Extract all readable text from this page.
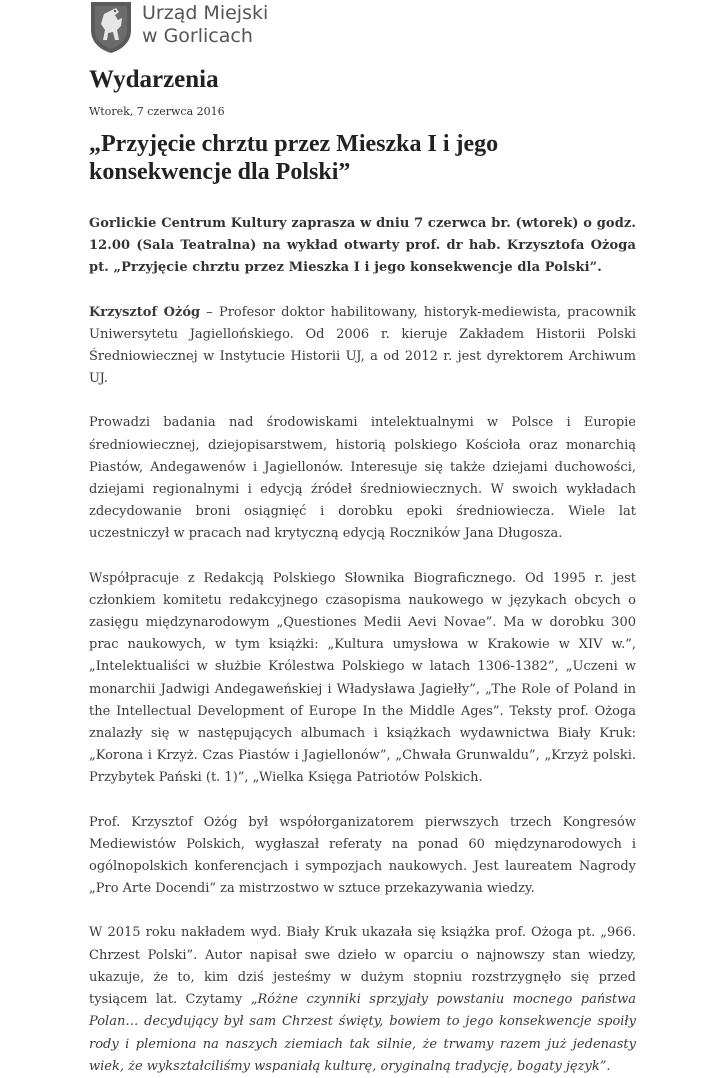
Urząd Miejski
w Gorlicach
Wydarzenia
Wtorek, 7 czerwca 2016
„Przyjęcie chrztu przez Mieszka I i jego konsekwencje dla Polski”

Gorlickie Centrum Kultury zaprasza w dniu 7 czerwca br. (wtorek) o godz. 12.00 (Sala Teatralna) na wykład otwarty prof. dr hab. Krzysztofa Ożoga pt. „Przyjęcie chrztu przez Mieszka I i jego konsekwencje dla Polski”.

Krzysztof Ożóg – Profesor doktor habilitowany, historyk-mediewista, pracownik Uniwersytetu Jagiellońskiego. Od 2006 r. kieruje Zakładem Historii Polski Średniowiecznej w Instytucie Historii UJ, a od 2012 r. jest dyrektorem Archiwum UJ.

Prowadzi badania nad środowiskami intelektualnymi w Polsce i Europie średniowiecznej, dziejopisarstwem, historią polskiego Kościoła oraz monarchią Piastów, Andegawenów i Jagiellonów. Interesuje się także dziejami duchowości, dziejami regionalnymi i edycją źródeł średniowiecznych. W swoich wykładach zdecydowanie broni osiągnięć i dorobku epoki średniowiecza. Wiele lat uczestniczył w pracach nad krytyczną edycją Roczników Jana Długosza.

Współpracuje z Redakcją Polskiego Słownika Biograficznego. Od 1995 r. jest członkiem komitetu redakcyjnego czasopisma naukowego w językach obcych o zasięgu międzynarodowym „Questiones Medii Aevi Novae”. Ma w dorobku 300 prac naukowych, w tym książki: „Kultura umysłowa w Krakowie w XIV w.”, „Intelektualiści w służbie Królestwa Polskiego w latach 1306-1382”, „Uczeni w monarchii Jadwigi Andegaweńskiej i Władysława Jagiełły”, „The Role of Poland in the Intellectual Development of Europe In the Middle Ages”. Teksty prof. Ożoga znalazły się w następujących albumach i książkach wydawnictwa Biały Kruk: „Korona i Krzyż. Czas Piastów i Jagiellonów”, „Chwała Grunwaldu”, „Krzyż polski. Przybytek Pański (t. 1)”, „Wielka Księga Patriotów Polskich.

Prof. Krzysztof Ożóg był współorganizatorem pierwszych trzech Kongresów Mediewistów Polskich, wygłaszał referaty na ponad 60 międzynarodowych i ogólnopolskich konferencjach i sympozjach naukowych. Jest laureatem Nagrody „Pro Arte Docendi” za mistrzostwo w sztuce przekazywania wiedzy.

W 2015 roku nakładem wyd. Biały Kruk ukazała się książka prof. Ożoga pt. „966. Chrzest Polski”. Autor napisał swe dzieło w oparciu o najnowszy stan wiedzy, ukazuje, że to, kim dziś jesteśmy w dużym stopniu rozstrzygnęło się przed tysiącem lat. Czytamy „Różne czynniki sprzyjały powstaniu mocnego państwa Polan… decydujący był sam Chrzest święty, bowiem to jego konsekwencje spoiły rody i plemiona na naszych ziemiach tak silnie, że trwamy razem już jedenasty wiek, że wykształciliśmy wspaniałą kulturę, oryginalną tradycję, bogaty język”.
